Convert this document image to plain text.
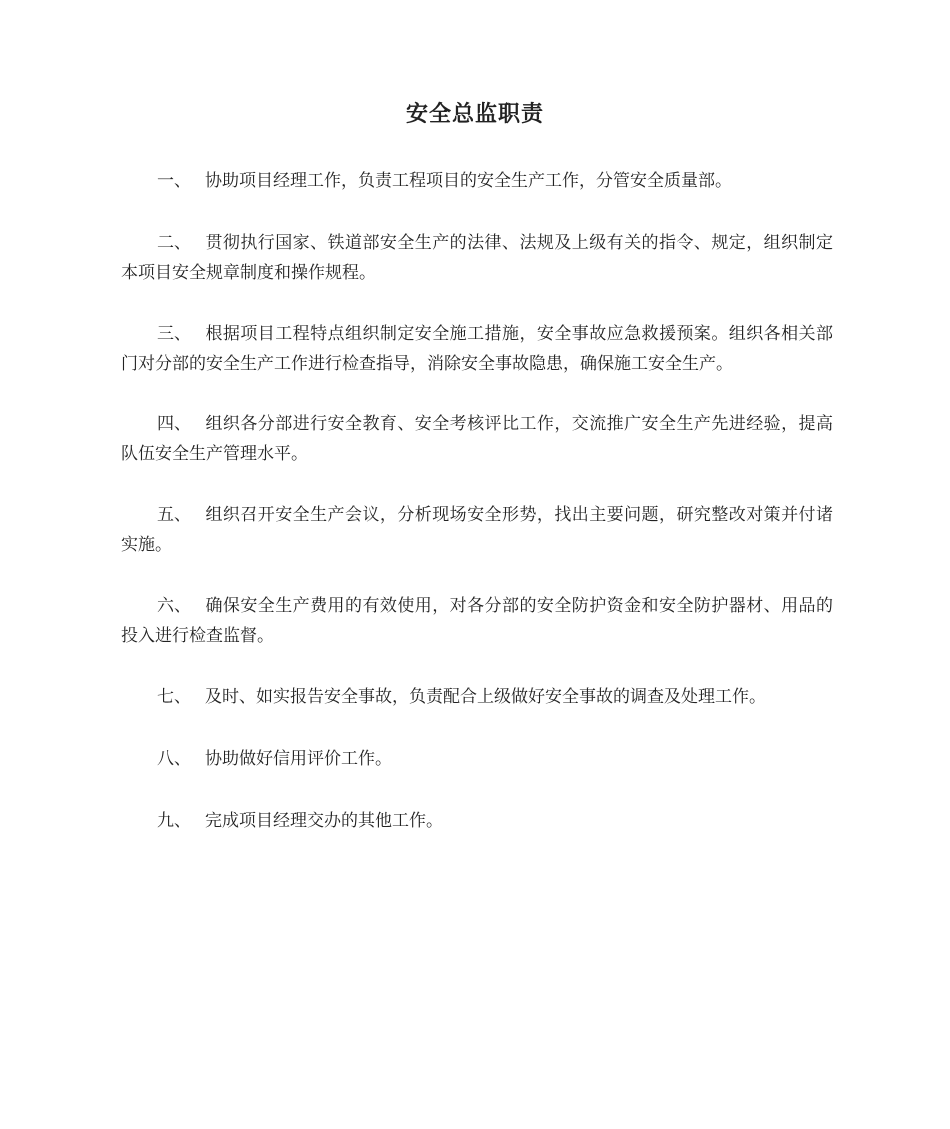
安全总监职责

一、 协助项目经理工作，负责工程项目的安全生产工作，分管安全质量部。

二、 贯彻执行国家、铁道部安全生产的法律、法规及上级有关的指令、规定，组织制定本项目安全规章制度和操作规程。

三、 根据项目工程特点组织制定安全施工措施，安全事故应急救援预案。组织各相关部门对分部的安全生产工作进行检查指导，消除安全事故隐患，确保施工安全生产。

四、 组织各分部进行安全教育、安全考核评比工作，交流推广安全生产先进经验，提高队伍安全生产管理水平。

五、 组织召开安全生产会议，分析现场安全形势，找出主要问题，研究整改对策并付诸实施。

六、 确保安全生产费用的有效使用，对各分部的安全防护资金和安全防护器材、用品的投入进行检查监督。

七、 及时、如实报告安全事故，负责配合上级做好安全事故的调查及处理工作。

八、 协助做好信用评价工作。

九、 完成项目经理交办的其他工作。
